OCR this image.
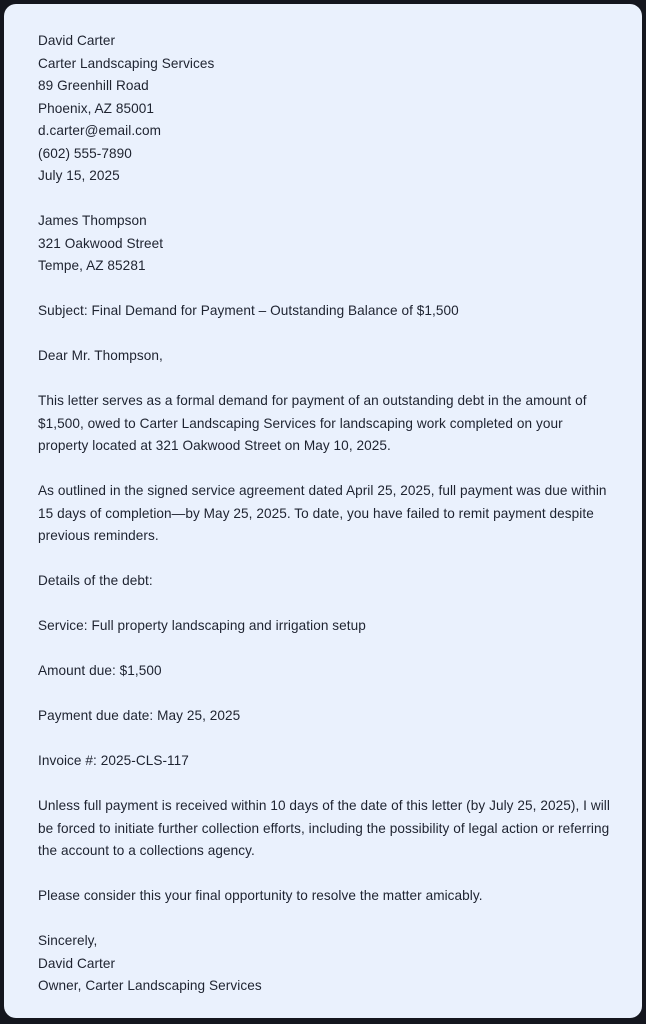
David Carter

Carter Landscaping Services

89 Greenhill Road

Phoenix, AZ 85001

d.carter@email.com

(602) 555-7890

July 15, 2025

James Thompson

321 Oakwood Street

Tempe, AZ 85281

Subject: Final Demand for Payment – Outstanding Balance of $1,500

Dear Mr. Thompson,

This letter serves as a formal demand for payment of an outstanding debt in the amount of $1,500, owed to Carter Landscaping Services for landscaping work completed on your property located at 321 Oakwood Street on May 10, 2025.

As outlined in the signed service agreement dated April 25, 2025, full payment was due within 15 days of completion—by May 25, 2025. To date, you have failed to remit payment despite previous reminders.

Details of the debt:

Service: Full property landscaping and irrigation setup

Amount due: $1,500

Payment due date: May 25, 2025

Invoice #: 2025-CLS-117

Unless full payment is received within 10 days of the date of this letter (by July 25, 2025), I will be forced to initiate further collection efforts, including the possibility of legal action or referring the account to a collections agency.

Please consider this your final opportunity to resolve the matter amicably.

Sincerely,

David Carter

Owner, Carter Landscaping Services
